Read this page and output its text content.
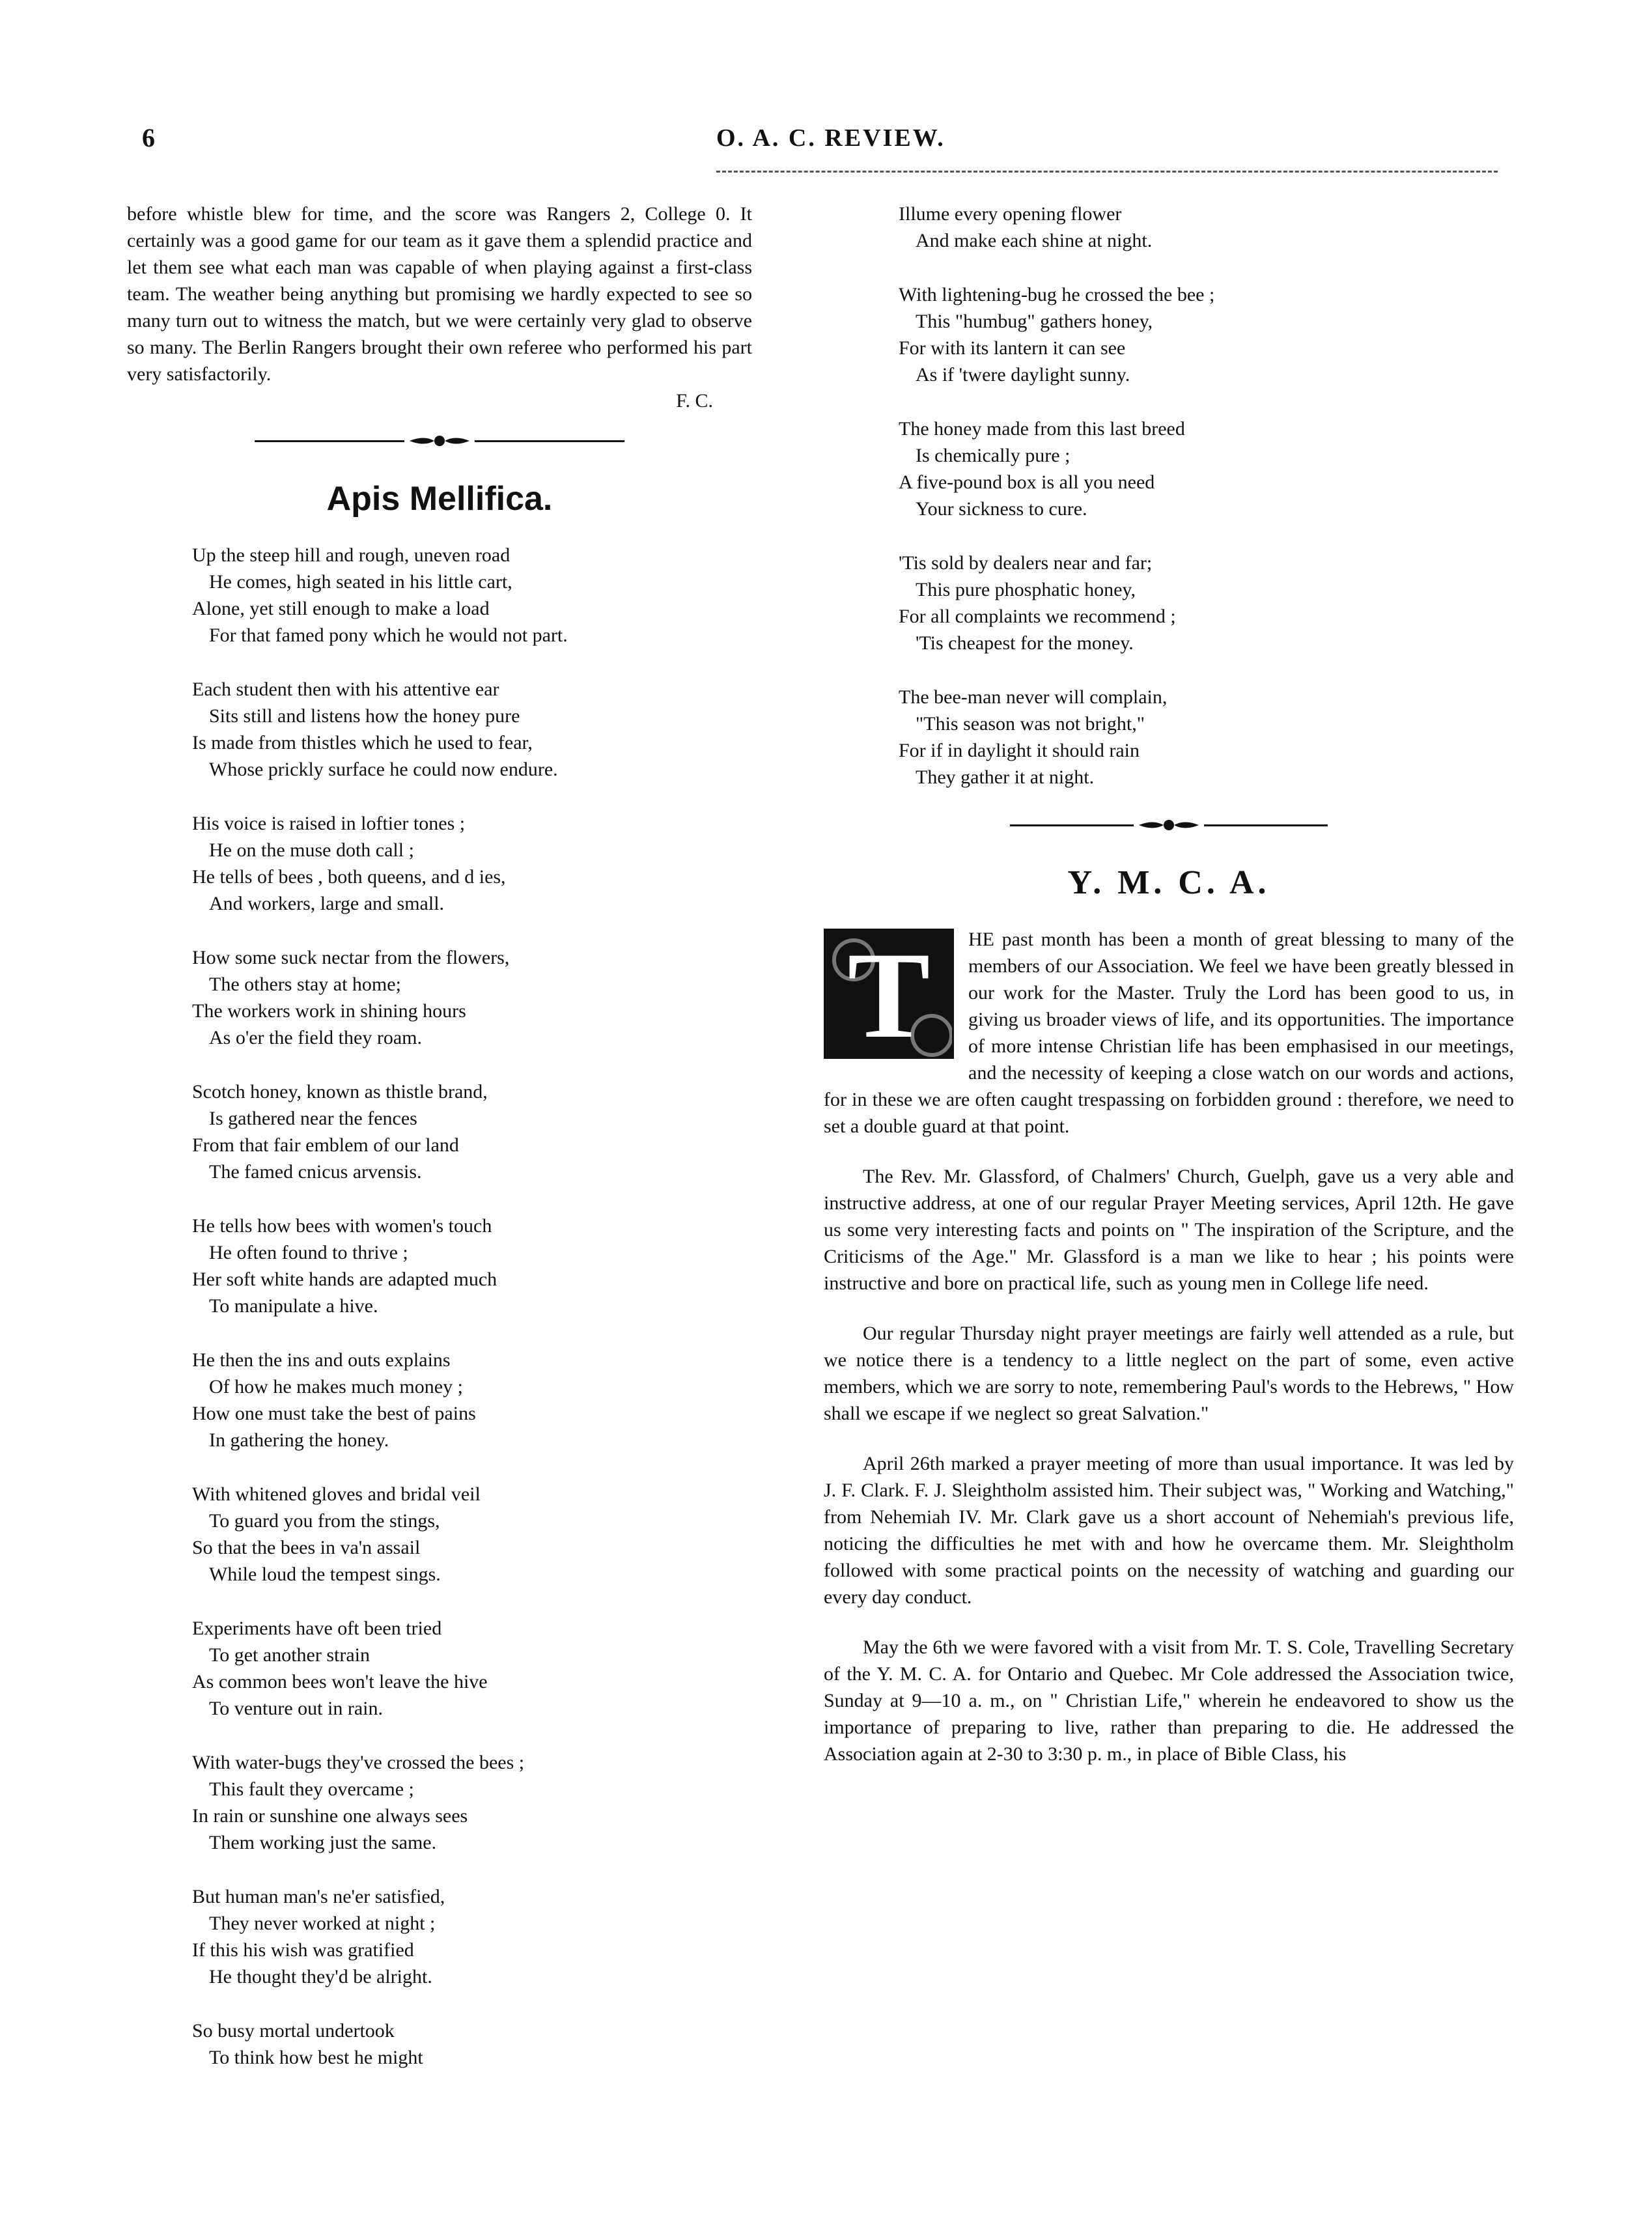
6	O. A. C. REVIEW.

before whistle blew for time, and the score was Rangers 2, College 0. It certainly was a good game for our team as it gave them a splendid practice and let them see what each man was capable of when playing against a first-class team. The weather being anything but promising we hardly expected to see so many turn out to witness the match, but we were certainly very glad to observe so many. The Berlin Rangers brought their own referee who performed his part very satisfactorily.

F. C.
Apis Mellifica.
Up the steep hill and rough, uneven road
He comes, high seated in his little cart,
Alone, yet still enough to make a load
For that famed pony which he would not part.
Each student then with his attentive ear
Sits still and listens how the honey pure
Is made from thistles which he used to fear,
Whose prickly surface he could now endure.
His voice is raised in loftier tones ;
He on the muse doth call ;
He tells of bees , both queens, and d ies,
And workers, large and small.
How some suck nectar from the flowers,
The others stay at home;
The workers work in shining hours
As o'er the field they roam.
Scotch honey, known as thistle brand,
Is gathered near the fences
From that fair emblem of our land
The famed cnicus arvensis.
He tells how bees with women's touch
He often found to thrive ;
Her soft white hands are adapted much
To manipulate a hive.
He then the ins and outs explains
Of how he makes much money ;
How one must take the best of pains
In gathering the honey.
With whitened gloves and bridal veil
To guard you from the stings,
So that the bees in va'n assail
While loud the tempest sings.
Experiments have oft been tried
To get another strain
As common bees won't leave the hive
To venture out in rain.
With water-bugs they've crossed the bees ;
This fault they overcame ;
In rain or sunshine one always sees
Them working just the same.
But human man's ne'er satisfied,
They never worked at night ;
If this his wish was gratified
He thought they'd be alright.
So busy mortal undertook
To think how best he might
Illume every opening flower
And make each shine at night.
With lightening-bug he crossed the bee ;
This "humbug" gathers honey,
For with its lantern it can see
As if 'twere daylight sunny.
The honey made from this last breed
Is chemically pure ;
A five-pound box is all you need
Your sickness to cure.
'Tis sold by dealers near and far;
This pure phosphatic honey,
For all complaints we recommend ;
'Tis cheapest for the money.
The bee-man never will complain,
"This season was not bright,"
For if in daylight it should rain
They gather it at night.
Y. M. C. A.
T	HE past month has been a month of great blessing to many of the members of our Association. We feel we have been greatly blessed in our work for the Master. Truly the Lord has been good to us, in giving us broader views of life, and its opportunities. The importance of more intense Christian life has been emphasised in our meetings, and the necessity of keeping a close watch on our words and actions, for in these we are often caught trespassing on forbidden ground : therefore, we need to set a double guard at that point.

The Rev. Mr. Glassford, of Chalmers' Church, Guelph, gave us a very able and instructive address, at one of our regular Prayer Meeting services, April 12th. He gave us some very interesting facts and points on " The inspiration of the Scripture, and the Criticisms of the Age." Mr. Glassford is a man we like to hear ; his points were instructive and bore on practical life, such as young men in College life need.

Our regular Thursday night prayer meetings are fairly well attended as a rule, but we notice there is a tendency to a little neglect on the part of some, even active members, which we are sorry to note, remembering Paul's words to the Hebrews, " How shall we escape if we neglect so great Salvation."

April 26th marked a prayer meeting of more than usual importance. It was led by J. F. Clark. F. J. Sleightholm assisted him. Their subject was, " Working and Watching," from Nehemiah IV. Mr. Clark gave us a short account of Nehemiah's previous life, noticing the difficulties he met with and how he overcame them. Mr. Sleightholm followed with some practical points on the necessity of watching and guarding our every day conduct.

May the 6th we were favored with a visit from Mr. T. S. Cole, Travelling Secretary of the Y. M. C. A. for Ontario and Quebec. Mr Cole addressed the Association twice, Sunday at 9—10 a. m., on " Christian Life," wherein he endeavored to show us the importance of preparing to live, rather than preparing to die. He addressed the Association again at 2-30 to 3:30 p. m., in place of Bible Class, his
